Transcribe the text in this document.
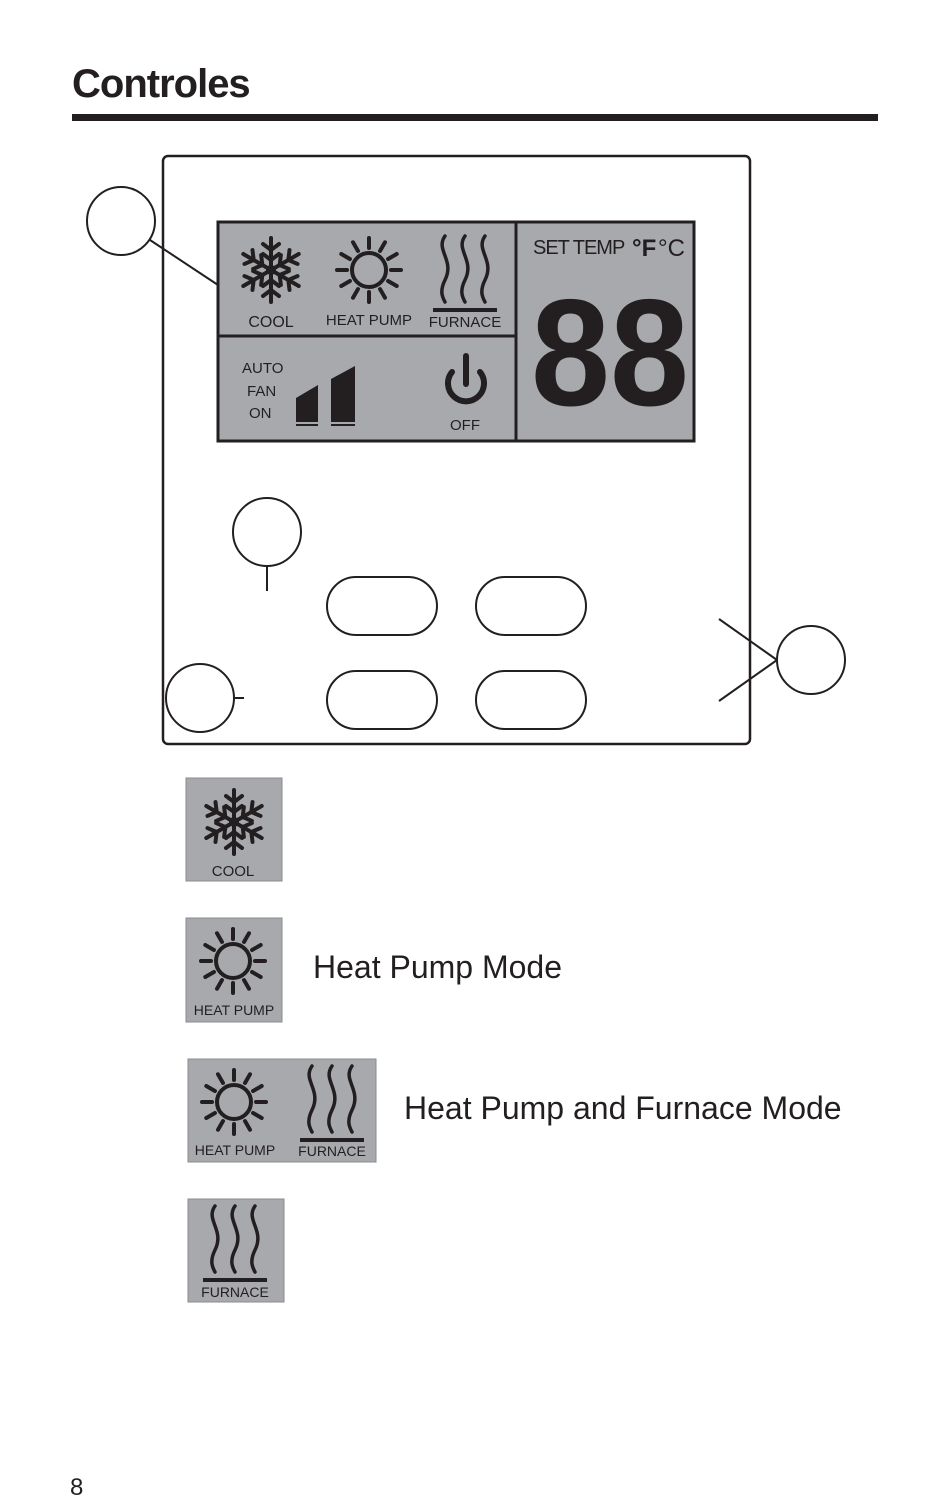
Controles
COOL HEAT PUMP FURNACE
AUTO
FAN
ON
OFF
SET TEMP °F °C
88
COOL
HEAT PUMP
HEAT PUMP FURNACE
FURNACE
Heat Pump Mode
Heat Pump and Furnace Mode
8
